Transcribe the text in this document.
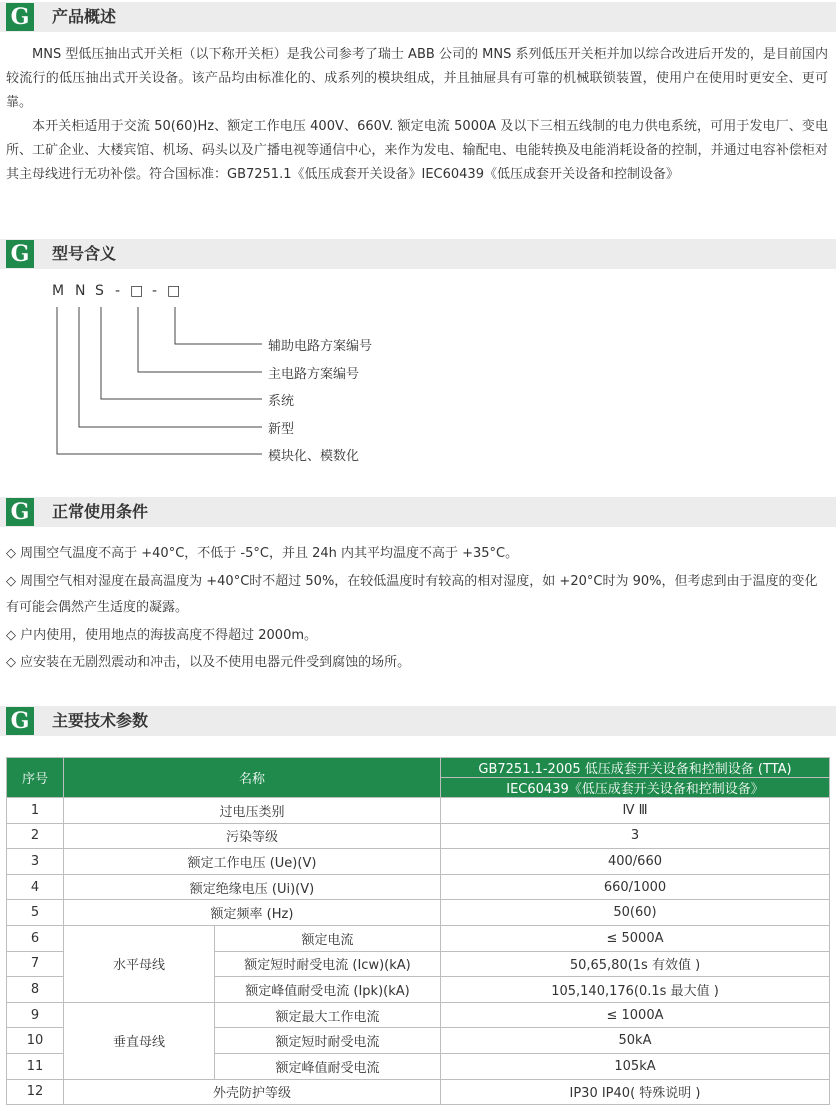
G 产品概述

MNS 型低压抽出式开关柜（以下称开关柜）是我公司参考了瑞士 ABB 公司的 MNS 系列低压开关柜并加以综合改进后开发的，是目前国内较流行的低压抽出式开关设备。该产品均由标准化的、成系列的模块组成，并且抽屉具有可靠的机械联锁装置，使用户在使用时更安全、更可靠。

本开关柜适用于交流 50(60)Hz、额定工作电压 400V、660V. 额定电流 5000A 及以下三相五线制的电力供电系统，可用于发电厂、变电所、工矿企业、大楼宾馆、机场、码头以及广播电视等通信中心，来作为发电、输配电、电能转换及电能消耗设备的控制，并通过电容补偿柜对其主母线进行无功补偿。符合国标准：GB7251.1《低压成套开关设备》IEC60439《低压成套开关设备和控制设备》

G 型号含义
M N S - □ - □
辅助电路方案编号
主电路方案编号
系统
新型
模块化、模数化
G 正常使用条件

◇ 周围空气温度不高于 +40°C，不低于 -5°C，并且 24h 内其平均温度不高于 +35°C。

◇ 周围空气相对湿度在最高温度为 +40°C时不超过 50%，在较低温度时有较高的相对湿度，如 +20°C时为 90%，但考虑到由于温度的变化有可能会偶然产生适度的凝露。

◇ 户内使用，使用地点的海拔高度不得超过 2000m。

◇ 应安装在无剧烈震动和冲击，以及不使用电器元件受到腐蚀的场所。

G 主要技术参数
序号	名称		GB7251.1-2005 低压成套开关设备和控制设备 (TTA)
			IEC60439《低压成套开关设备和控制设备》
1	过电压类别		Ⅳ Ⅲ
2	污染等级		3
3	额定工作电压 (Ue)(V)		400/660
4	额定绝缘电压 (Ui)(V)		660/1000
5	额定频率 (Hz)		50(60)
6	水平母线	额定电流	≤ 5000A
7		额定短时耐受电流 (Icw)(kA)	50,65,80(1s 有效值 )
8		额定峰值耐受电流 (Ipk)(kA)	105,140,176(0.1s 最大值 )
9	垂直母线	额定最大工作电流	≤ 1000A
10		额定短时耐受电流	50kA
11		额定峰值耐受电流	105kA
12	外壳防护等级		IP30 IP40( 特殊说明 )
